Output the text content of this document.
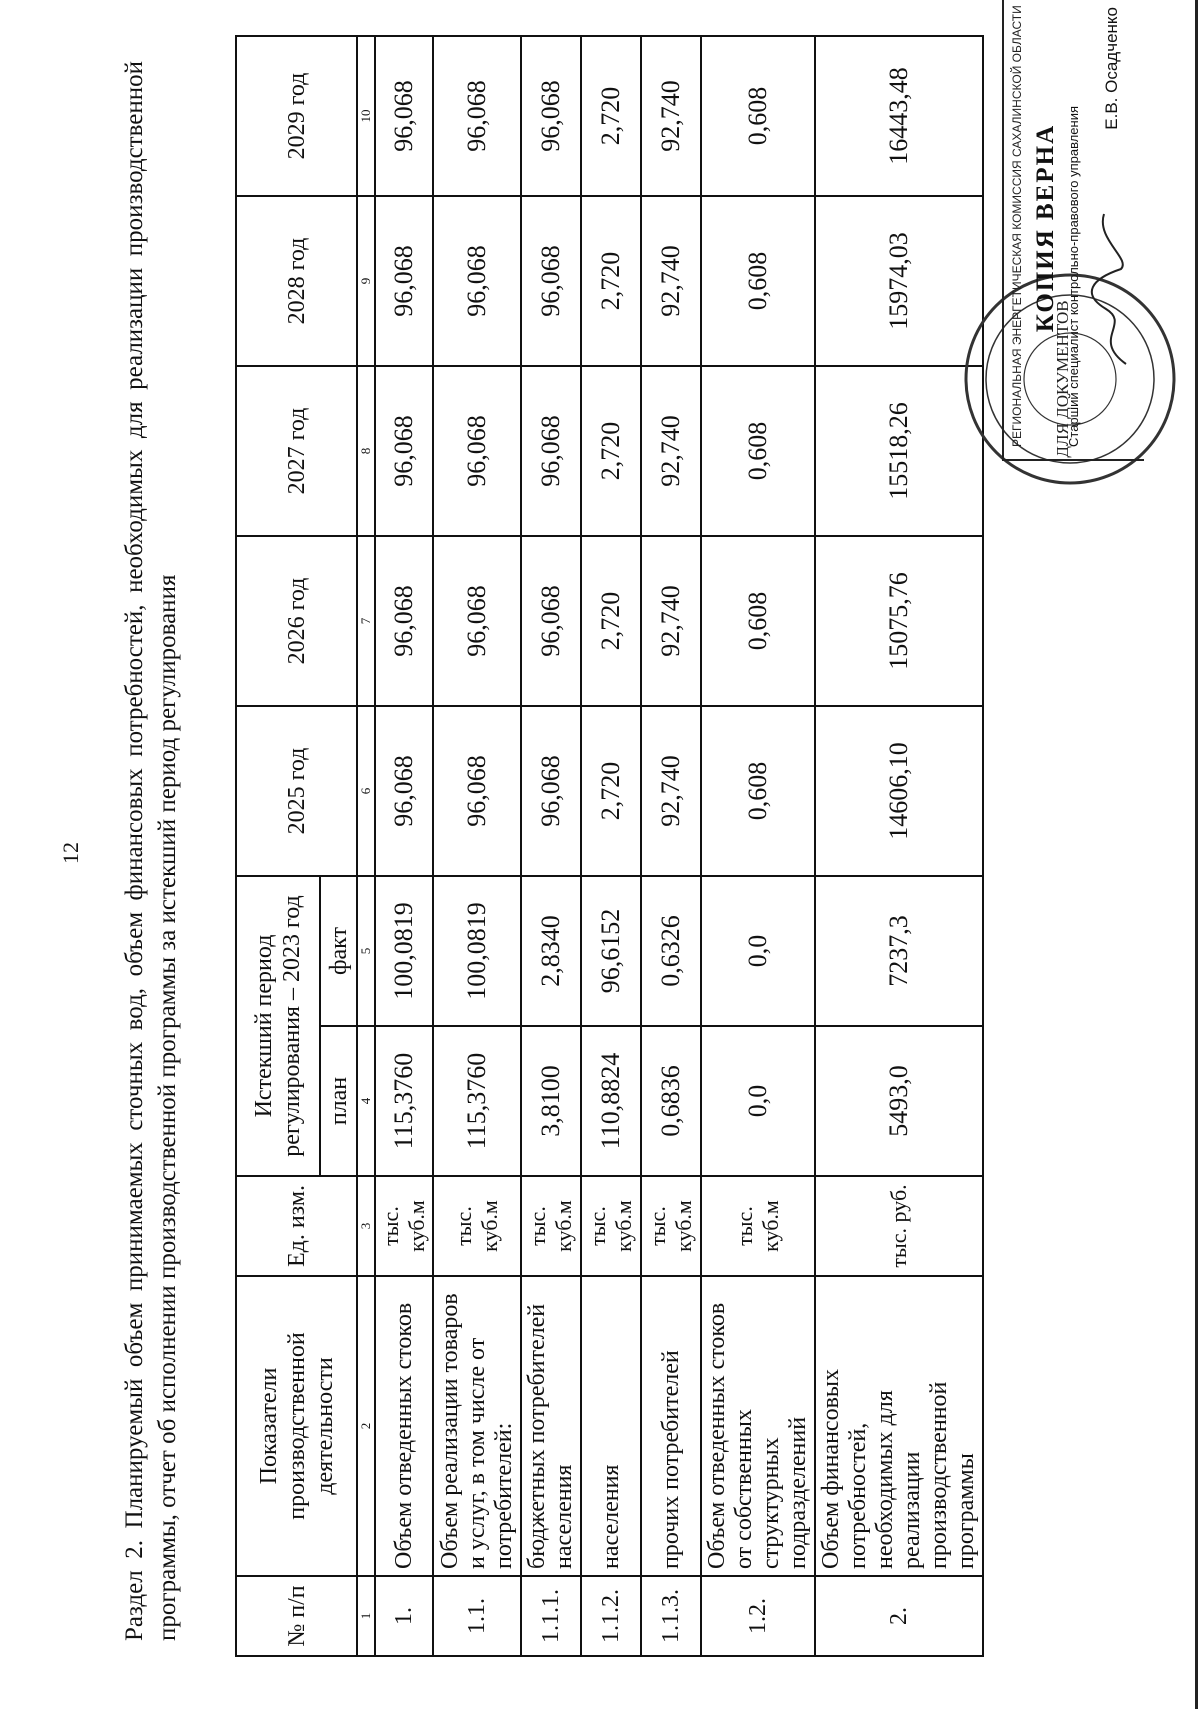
12 Раздел 2. Планируемый объем принимаемых сточных вод, объем финансовых потребностей, необходимых для реализации производственной программы, отчет об исполнении производственной программы за истекший период регулирования	№ п/п	Показатели производственной деятельности	Ед. изм.	Истекший период регулирования – 2023 год		2025 год	2026 год	2027 год	2028 год	2029 год
			план	факт					
1	2	3	4	5	6	7	8	9	10
1.	Объем отведенных стоков	тыс. куб.м	115,3760	100,0819	96,068	96,068	96,068	96,068	96,068
1.1.	Объем реализации товаров и услуг, в том числе от потребителей:	тыс. куб.м	115,3760	100,0819	96,068	96,068	96,068	96,068	96,068
1.1.1.	бюджетных потребителей населения	тыс. куб.м	3,8100	2,8340	96,068	96,068	96,068	96,068	96,068
1.1.2.	населения	тыс. куб.м	110,8824	96,6152	2,720	2,720	2,720	2,720	2,720
1.1.3.	прочих потребителей	тыс. куб.м	0,6836	0,6326	92,740	92,740	92,740	92,740	92,740
1.2.	Объем отведенных стоков от собственных структурных подразделений	тыс. куб.м	0,0	0,0	0,608	0,608	0,608	0,608	0,608
2.	Объем финансовых потребностей, необходимых для реализации производственной программы	тыс. руб.	5493,0	7237,3	14606,10	15075,76	15518,26	15974,03	16443,48
ДЛЯ ДОКУМЕНТОВ
РЕГИОНАЛЬНАЯ ЭНЕРГЕТИЧЕСКАЯ КОМИССИЯ САХАЛИНСКОЙ ОБЛАСТИ КОПИЯ ВЕРНА Старший специалист контрольно-правового управления
Е.В. Осадченко
